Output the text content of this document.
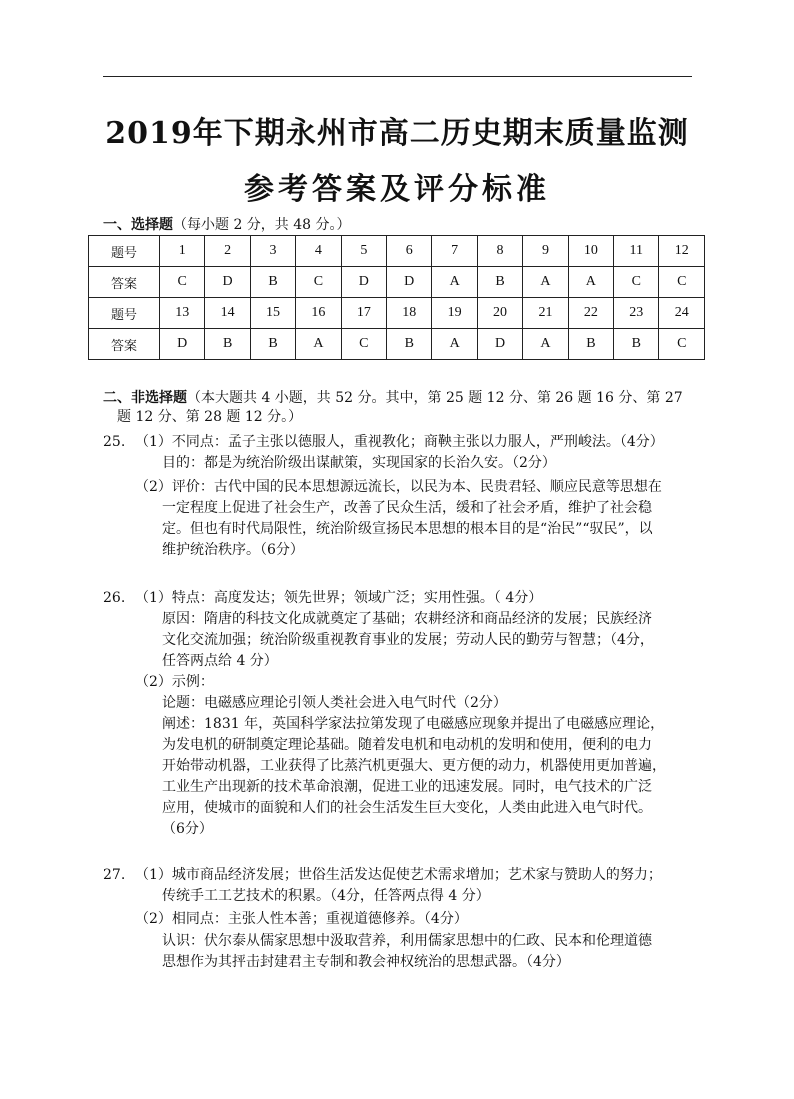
2019年下期永州市高二历史期末质量监测
参考答案及评分标准
一、选择题（每小题 2 分，共 48 分。）
题号	1	2	3	4	5	6	7	8	9	10	11	12
答案	C	D	B	C	D	D	A	B	A	A	C	C
题号	13	14	15	16	17	18	19	20	21	22	23	24
答案	D	B	B	A	C	B	A	D	A	B	B	C
二、非选择题（本大题共 4 小题，共 52 分。其中，第 25 题 12 分、第 26 题 16 分、第 27
题 12 分、第 28 题 12 分。）
25. （1）不同点：孟子主张以德服人，重视教化；商鞅主张以力服人，严刑峻法。（4分）
目的：都是为统治阶级出谋献策，实现国家的长治久安。（2分）
（2）评价：古代中国的民本思想源远流长，以民为本、民贵君轻、顺应民意等思想在
一定程度上促进了社会生产，改善了民众生活，缓和了社会矛盾，维护了社会稳
定。但也有时代局限性，统治阶级宣扬民本思想的根本目的是“治民”“驭民”，以
维护统治秩序。（6分）
26. （1）特点：高度发达；领先世界；领域广泛；实用性强。（ 4分）
原因：隋唐的科技文化成就奠定了基础；农耕经济和商品经济的发展；民族经济
文化交流加强；统治阶级重视教育事业的发展；劳动人民的勤劳与智慧；（4分，
任答两点给 4 分）
（2）示例：
论题：电磁感应理论引领人类社会进入电气时代（2分）
阐述：1831 年，英国科学家法拉第发现了电磁感应现象并提出了电磁感应理论，
为发电机的研制奠定理论基础。随着发电机和电动机的发明和使用，便利的电力
开始带动机器，工业获得了比蒸汽机更强大、更方便的动力，机器使用更加普遍，
工业生产出现新的技术革命浪潮，促进工业的迅速发展。同时，电气技术的广泛
应用，使城市的面貌和人们的社会生活发生巨大变化，人类由此进入电气时代。
（6分）
27. （1）城市商品经济发展；世俗生活发达促使艺术需求增加；艺术家与赞助人的努力；
传统手工工艺技术的积累。（4分，任答两点得 4 分）
（2）相同点：主张人性本善；重视道德修养。（4分）
认识：伏尔泰从儒家思想中汲取营养，利用儒家思想中的仁政、民本和伦理道德
思想作为其抨击封建君主专制和教会神权统治的思想武器。（4分）
